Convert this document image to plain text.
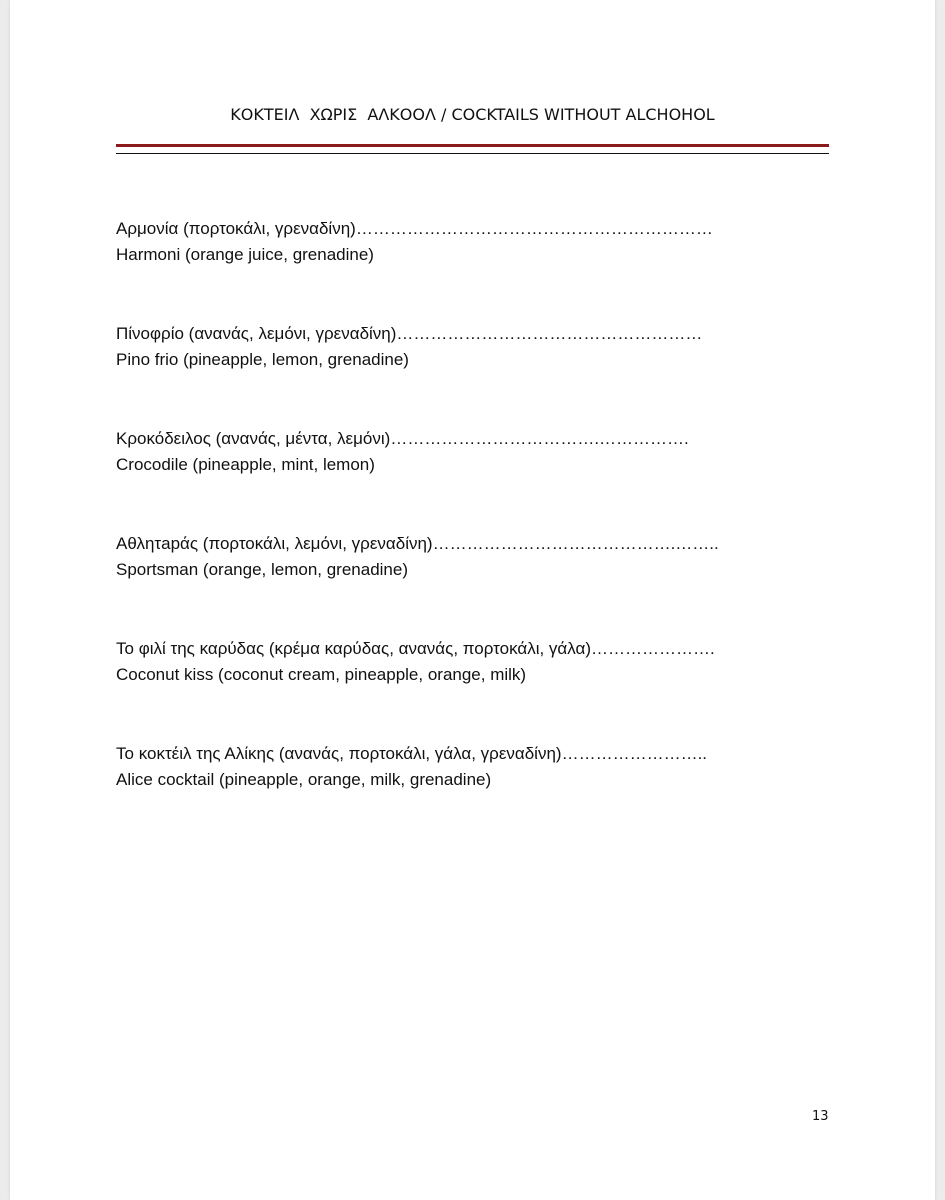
ΚΟΚΤΕΙΛ  ΧΩΡΙΣ  ΑΛΚΟΟΛ / COCKTAILS WITHOUT ALCHOHOL
Αρμονία (πορτοκάλι, γρεναδίνη)………………………………………………………
Harmoni (orange juice, grenadine)
Πίνοφρίο (ανανάς, λεμόνι, γρεναδίνη)………………………………………………
Pino frio (pineapple, lemon, grenadine)
Κροκόδειλος (ανανάς, μέντα, λεμόνι)……………………………….…………….
Crocodile (pineapple, mint, lemon)
Αθλητарάς (πορτοκάλι, λεμόνι, γρεναδίνη)…………………………………….……..
Sportsman (orange, lemon, grenadine)
Το φιλί της καρύδας (κρέμα καρύδας, ανανάς, πορτοκάλι, γάλα)………………….
Coconut kiss (coconut cream, pineapple, orange, milk)
Το κοκτέιλ της Αλίκης (ανανάς, πορτοκάλι, γάλα, γρεναδίνη)……………………..
Alice cocktail (pineapple, orange, milk, grenadine)
13
